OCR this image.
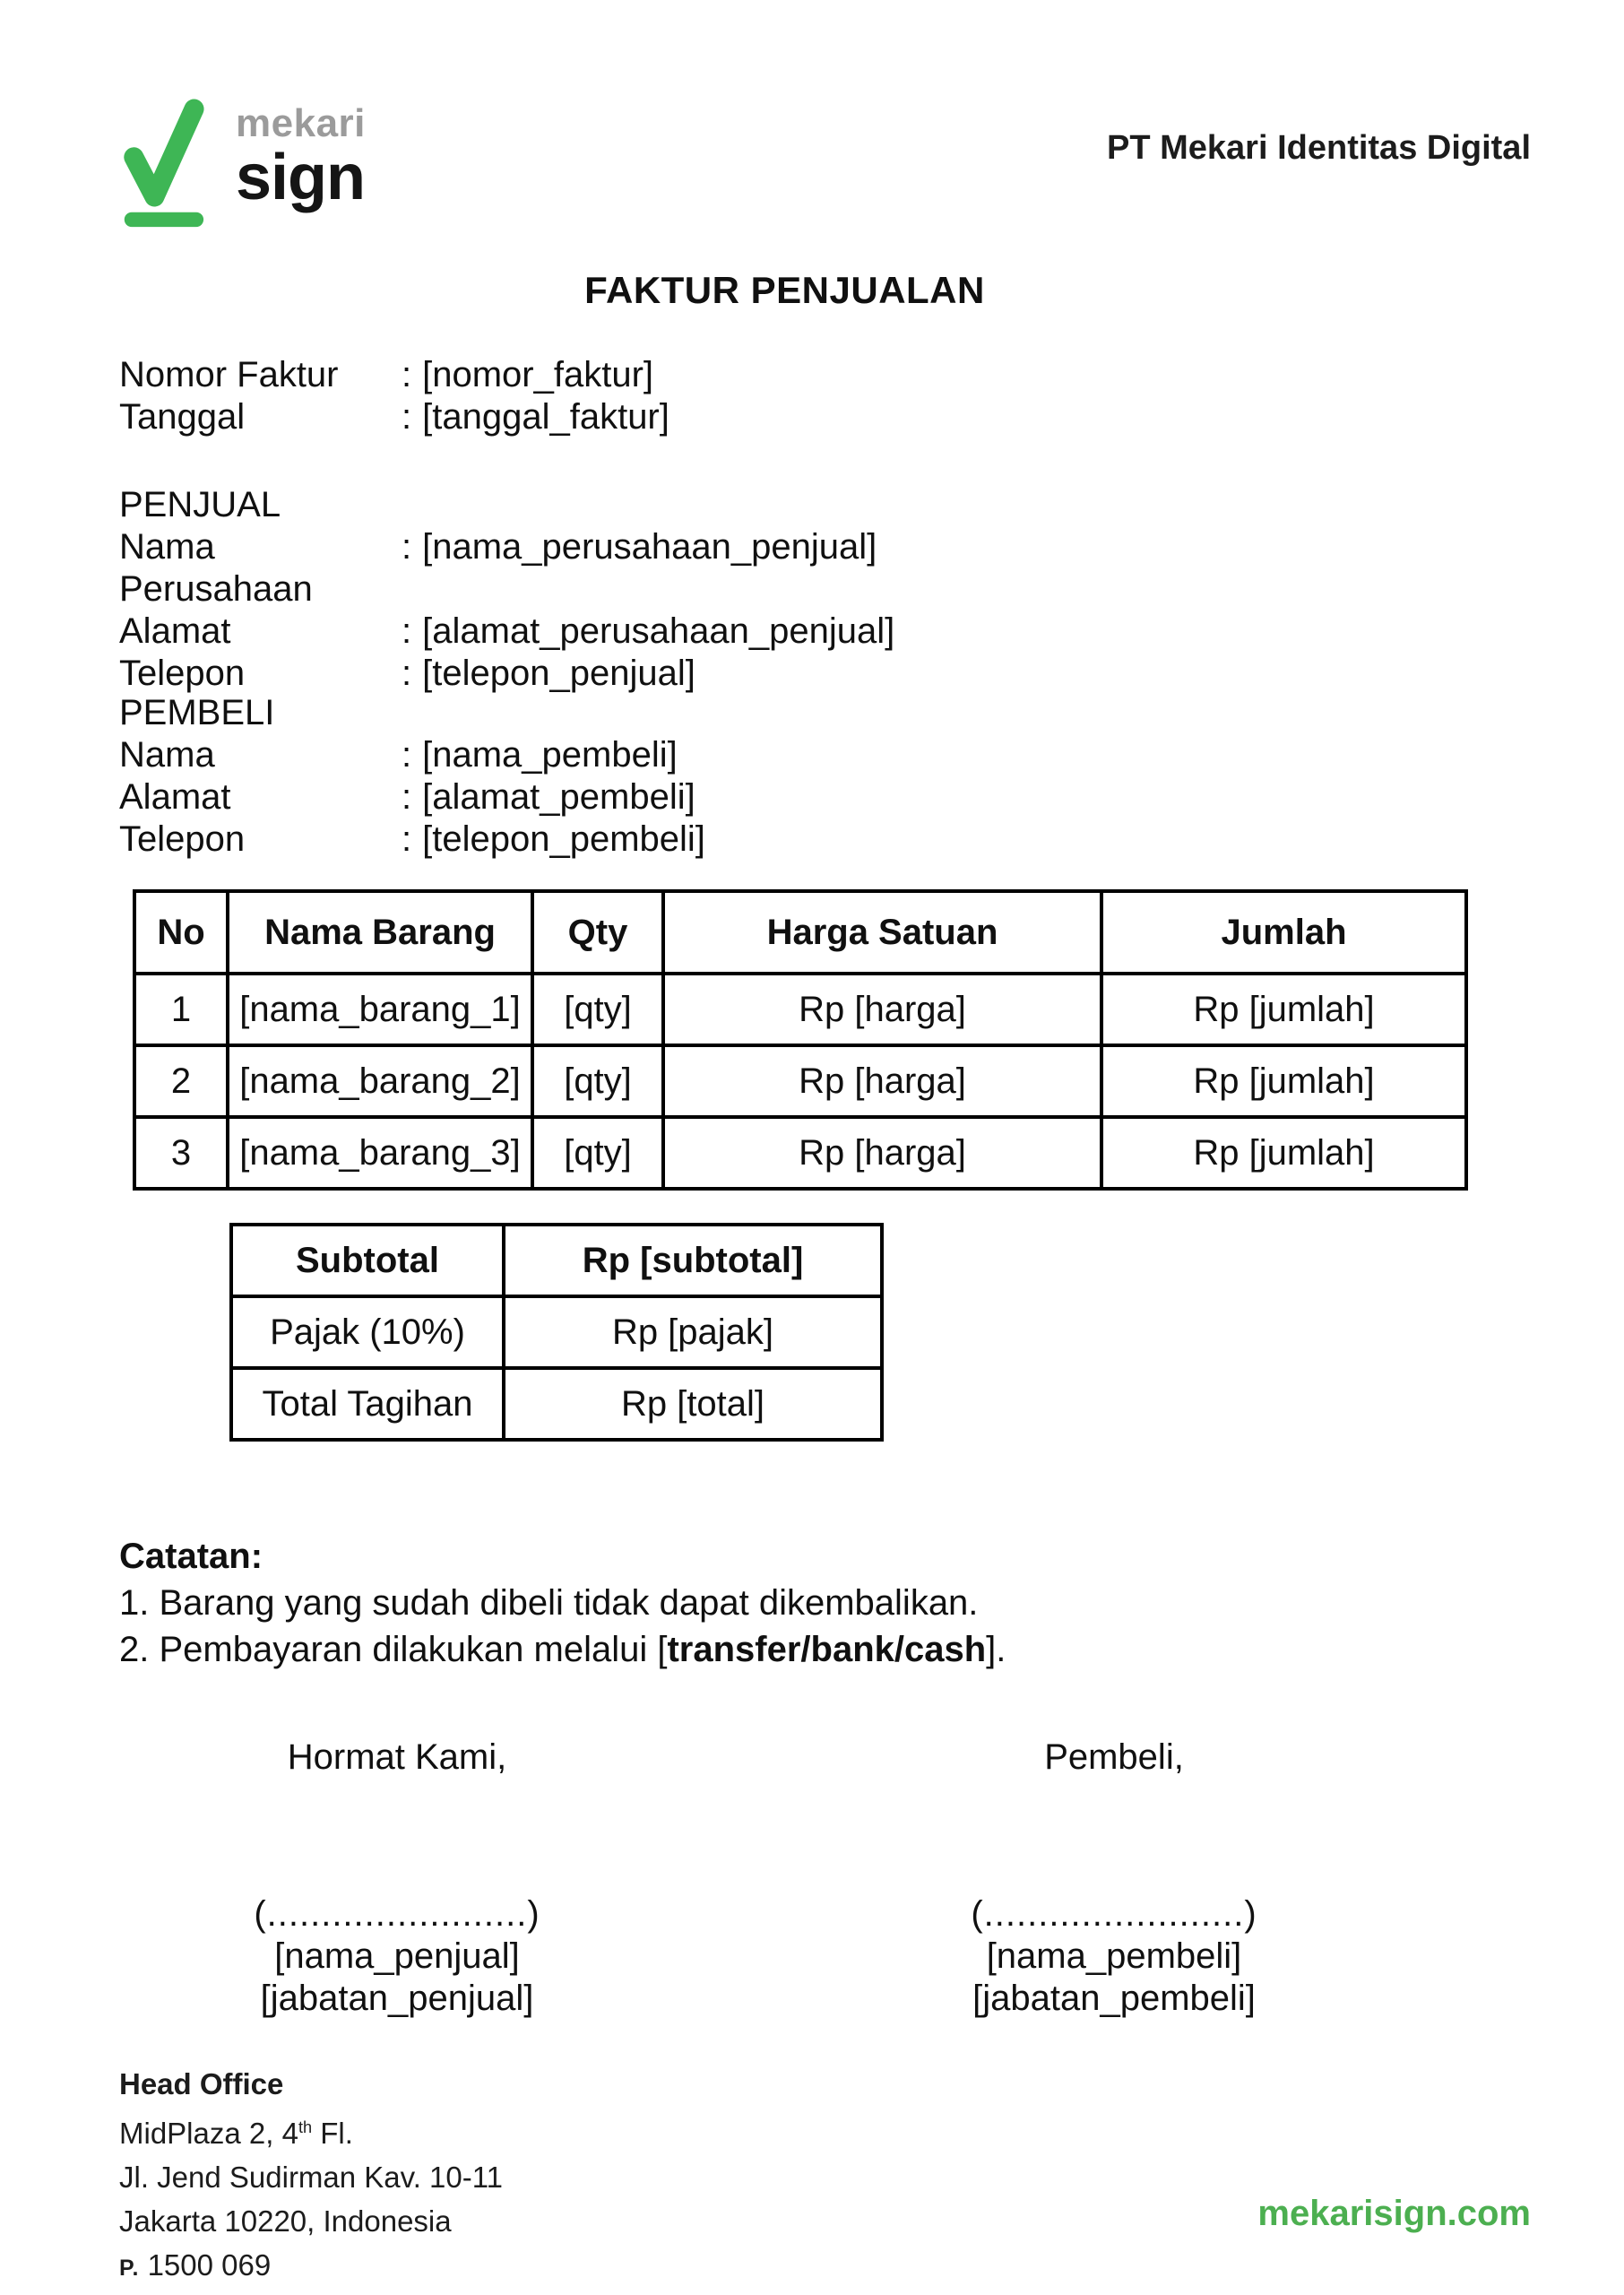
mekari
sign	PT Mekari Identitas Digital
FAKTUR PENJUALAN
Nomor Faktur	: [nomor_faktur]
Tanggal	: [tanggal_faktur]
PENJUAL
Nama Perusahaan
: [nama_perusahaan_penjual]
Alamat	: [alamat_perusahaan_penjual]
Telepon	: [telepon_penjual]
PEMBELI
Nama	: [nama_pembeli]
Alamat	: [alamat_pembeli]
Telepon	: [telepon_pembeli]
No	Nama Barang	Qty	Harga Satuan	Jumlah
1	[nama_barang_1]	[qty]	Rp [harga]	Rp [jumlah]
2	[nama_barang_2]	[qty]	Rp [harga]	Rp [jumlah]
3	[nama_barang_3]	[qty]	Rp [harga]	Rp [jumlah]
Subtotal	Rp [subtotal]
Pajak (10%)	Rp [pajak]
Total Tagihan	Rp [total]
Catatan:
1. Barang yang sudah dibeli tidak dapat dikembalikan.
2. Pembayaran dilakukan melalui [transfer/bank/cash].
Hormat Kami,	Pembeli,
(........................)
[nama_penjual]
[jabatan_penjual]
(........................)
[nama_pembeli]
[jabatan_pembeli]
Head Office
MidPlaza 2, 4th Fl.
Jl. Jend Sudirman Kav. 10-11
Jakarta 10220, Indonesia
P. 1500 069
mekarisign.com
